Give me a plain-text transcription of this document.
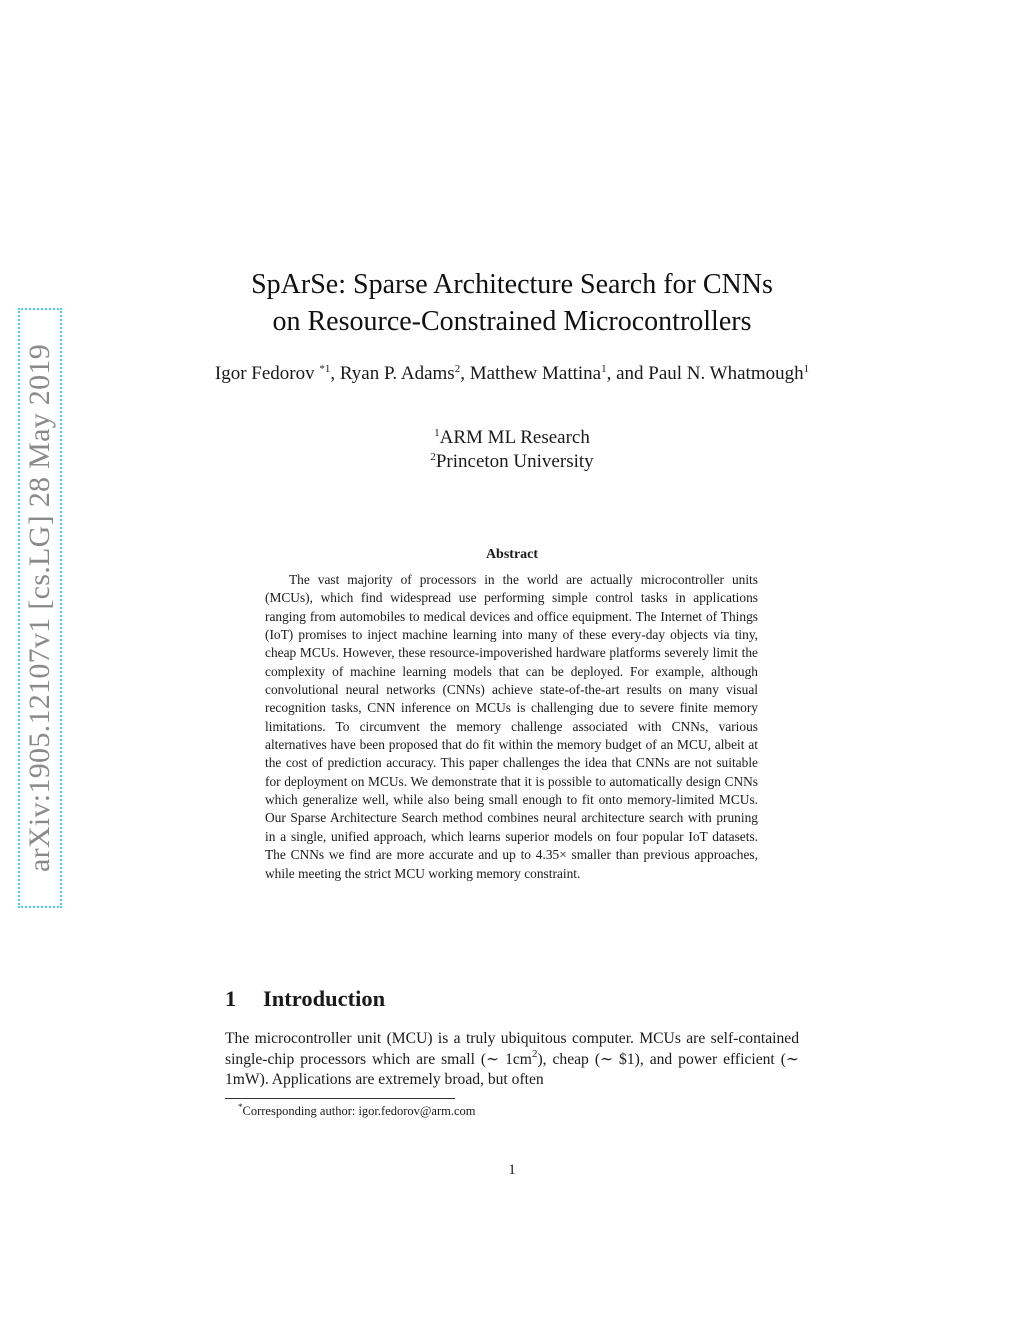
arXiv:1905.12107v1 [cs.LG] 28 May 2019
SpArSe: Sparse Architecture Search for CNNs
on Resource-Constrained Microcontrollers
Igor Fedorov $^{*1}$, Ryan P. Adams$^2$, Matthew Mattina$^1$, and Paul N. Whatmough$^1$
$^1$ARM ML Research
$^2$Princeton University
Abstract
The vast majority of processors in the world are actually microcontroller units (MCUs), which find widespread use performing simple control tasks in applications ranging from automobiles to medical devices and office equipment. The Internet of Things (IoT) promises to inject machine learning into many of these every-day objects via tiny, cheap MCUs. However, these resource-impoverished hardware platforms severely limit the complexity of machine learning models that can be deployed. For example, although convolutional neural networks (CNNs) achieve state-of-the-art results on many visual recognition tasks, CNN inference on MCUs is challenging due to severe finite memory limitations. To circumvent the memory challenge associated with CNNs, various alternatives have been proposed that do fit within the memory budget of an MCU, albeit at the cost of prediction accuracy. This paper challenges the idea that CNNs are not suitable for deployment on MCUs. We demonstrate that it is possible to automatically design CNNs which generalize well, while also being small enough to fit onto memory-limited MCUs. Our Sparse Architecture Search method combines neural architecture search with pruning in a single, unified approach, which learns superior models on four popular IoT datasets. The CNNs we find are more accurate and up to 4.35× smaller than previous approaches, while meeting the strict MCU working memory constraint.
1 Introduction
The microcontroller unit (MCU) is a truly ubiquitous computer. MCUs are self-contained single-chip processors which are small (∼ $1cm^2$), cheap (∼ $1), and power efficient (∼ 1mW). Applications are extremely broad, but often
*Corresponding author: igor.fedorov@arm.com
1
